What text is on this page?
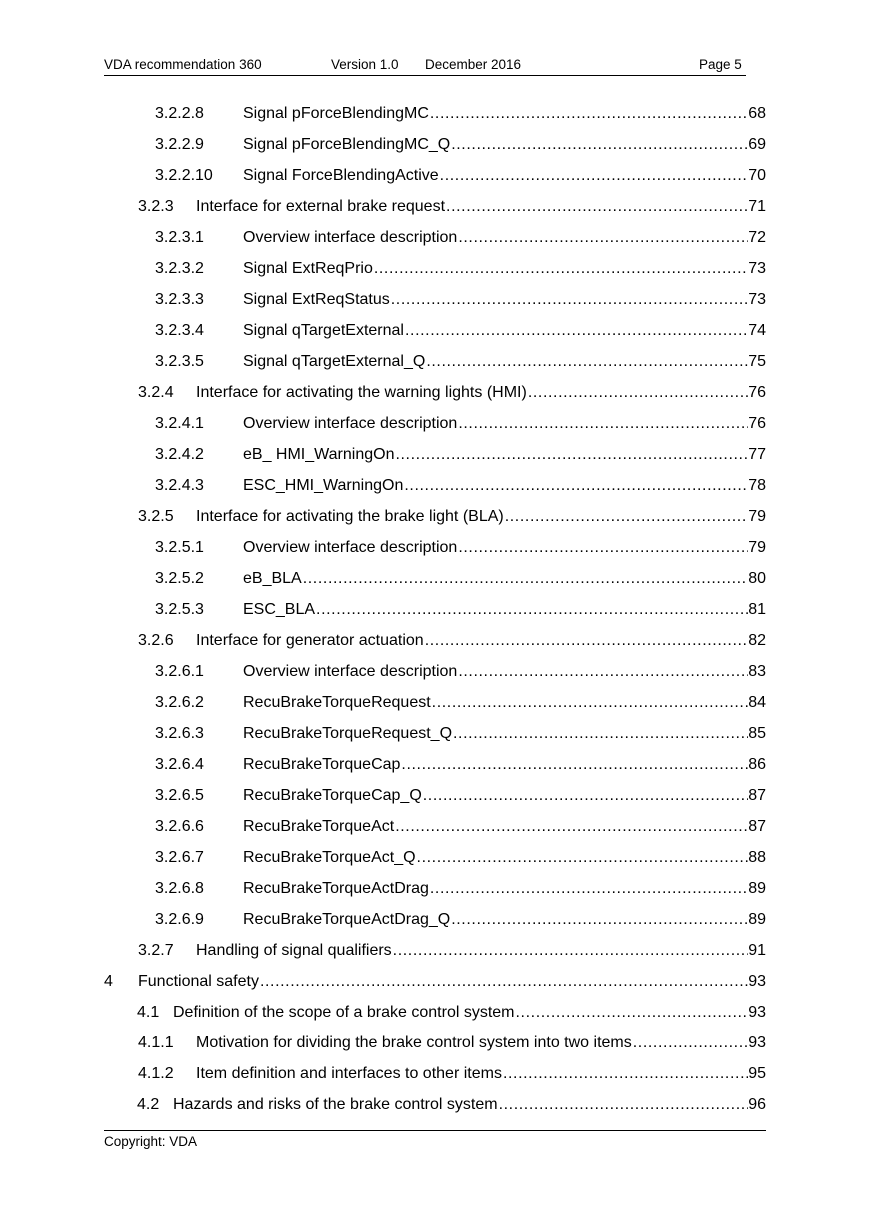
VDA recommendation 360	Version 1.0 December 2016	Page 5
3.2.2.8 Signal pForceBlendingMC .....	68
3.2.2.9 Signal pForceBlendingMC_Q .....	69
3.2.2.10 Signal ForceBlendingActive .....	70
3.2.3 Interface for external brake request .....	71
3.2.3.1 Overview interface description .....	72
3.2.3.2 Signal ExtReqPrio .....	73
3.2.3.3 Signal ExtReqStatus .....	73
3.2.3.4 Signal qTargetExternal .....	74
3.2.3.5 Signal qTargetExternal_Q .....	75
3.2.4 Interface for activating the warning lights (HMI) .....	76
3.2.4.1 Overview interface description .....	76
3.2.4.2 eB_ HMI_WarningOn .....	77
3.2.4.3 ESC_HMI_WarningOn .....	78
3.2.5 Interface for activating the brake light (BLA) .....	79
3.2.5.1 Overview interface description .....	79
3.2.5.2 eB_BLA .....	80
3.2.5.3 ESC_BLA .....	81
3.2.6 Interface for generator actuation .....	82
3.2.6.1 Overview interface description .....	83
3.2.6.2 RecuBrakeTorqueRequest .....	84
3.2.6.3 RecuBrakeTorqueRequest_Q .....	85
3.2.6.4 RecuBrakeTorqueCap .....	86
3.2.6.5 RecuBrakeTorqueCap_Q .....	87
3.2.6.6 RecuBrakeTorqueAct .....	87
3.2.6.7 RecuBrakeTorqueAct_Q .....	88
3.2.6.8 RecuBrakeTorqueActDrag .....	89
3.2.6.9 RecuBrakeTorqueActDrag_Q .....	89
3.2.7 Handling of signal qualifiers .....	91
4 Functional safety .....	93
4.1 Definition of the scope of a brake control system .....	93
4.1.1 Motivation for dividing the brake control system into two items .....	93
4.1.2 Item definition and interfaces to other items .....	95
4.2 Hazards and risks of the brake control system .....	96
Copyright: VDA
